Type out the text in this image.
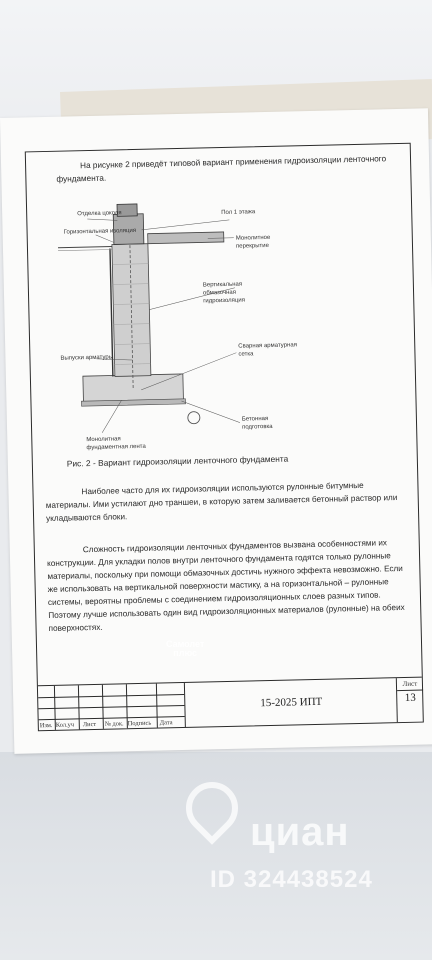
На рисунке 2 приведёт типовой вариант применения гидроизоляции ленточного фундамента.

Отделка цоколя	Пол 1 этажа
Горизонтальная изоляция
Монолитное
перекрытие
Вертикальная
обмазочная
гидроизоляция
Выпуски арматуры
Сварная арматурная
сетка
Бетонная
подготовка
Монолитная
фундаментная лента

Рис. 2 - Вариант гидроизоляции ленточного фундамента

Наиболее часто для их гидроизоляции используются рулонные битумные материалы. Ими устилают дно траншеи, в которую затем заливается бетонный раствор или укладываются блоки.

Сложность гидроизоляции ленточных фундаментов вызвана особенностями их конструкции. Для укладки полов внутри ленточного фундамента годятся только рулонные материалы, поскольку при помощи обмазочных достичь нужного эффекта невозможно. Если же использовать на вертикальной поверхности мастику, а на горизонтальной – рулонные системы, вероятны проблемы с соединением гидроизоляционных слоев разных типов. Поэтому лучше использовать один вид гидроизоляционных материалов (рулонные) на обеих поверхностях.

Изм. Кол.уч Лист № док. Подпись Дата
15-2025 ИПТ
Лист
13
Самолет
плюс
циан
ID 324438524
